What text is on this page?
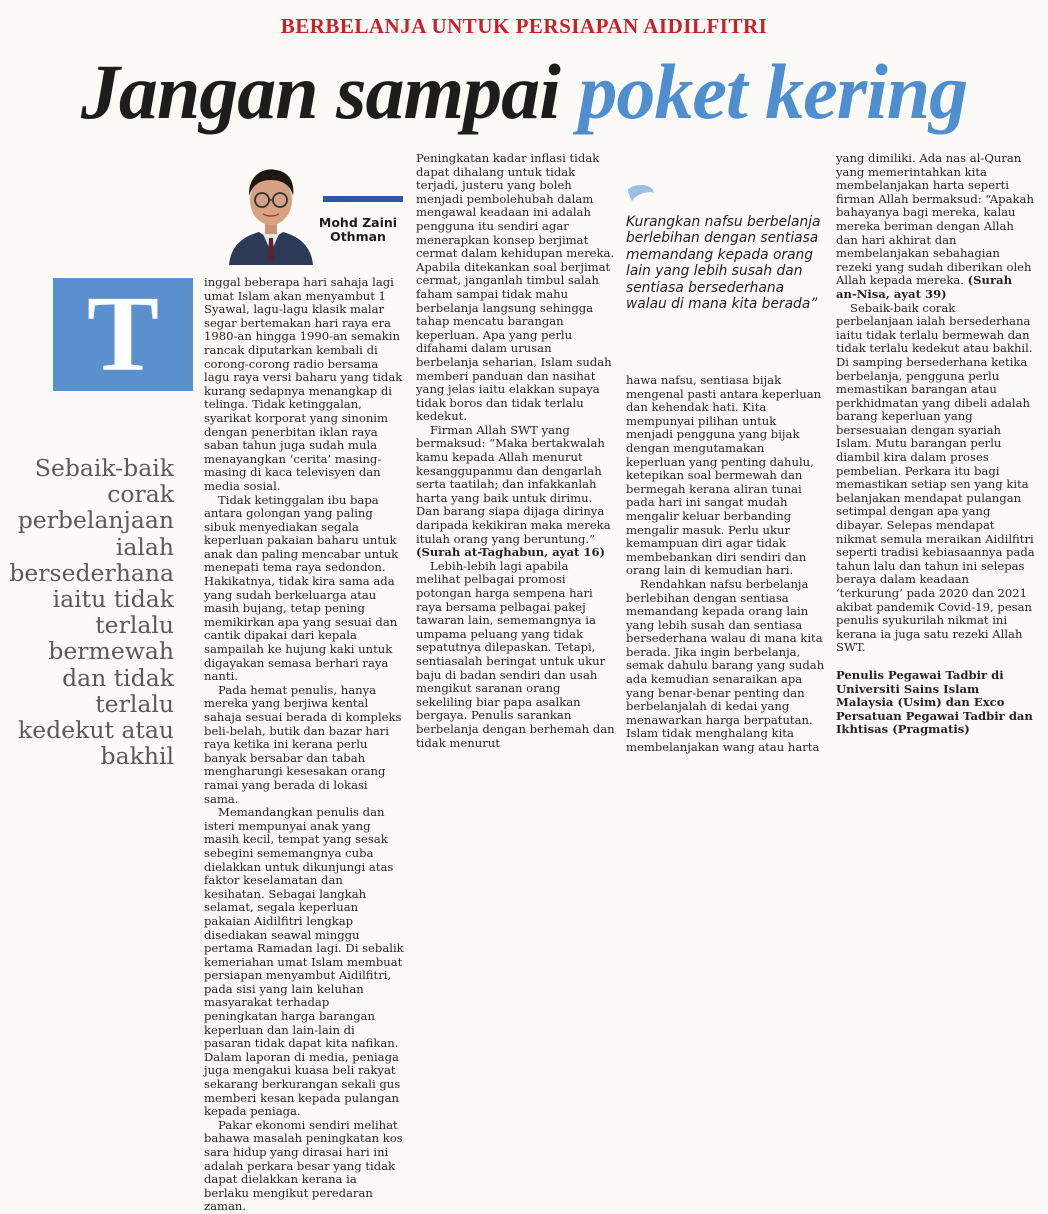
BERBELANJA UNTUK PERSIAPAN AIDILFITRI
Jangan sampai poket kering
Mohd Zaini
Othman
T
Sebaik-baik corak perbelanjaan ialah bersederhana iaitu tidak terlalu bermewah dan tidak terlalu kedekut atau bakhil

inggal beberapa hari sahaja lagi umat Islam akan menyambut 1 Syawal, lagu-lagu klasik malar segar bertemakan hari raya era 1980-an hingga 1990-an semakin rancak diputarkan kembali di corong-corong radio bersama lagu raya versi baharu yang tidak kurang sedapnya menangkap di telinga. Tidak ketinggalan, syarikat korporat yang sinonim dengan penerbitan iklan raya saban tahun juga sudah mula menayangkan ‘cerita’ masing-masing di kaca televisyen dan media sosial.

Tidak ketinggalan ibu bapa antara golongan yang paling sibuk menyediakan segala keperluan pakaian baharu untuk anak dan paling mencabar untuk menepati tema raya sedondon. Hakikatnya, tidak kira sama ada yang sudah berkeluarga atau masih bujang, tetap pening memikirkan apa yang sesuai dan cantik dipakai dari kepala sampailah ke hujung kaki untuk digayakan semasa berhari raya nanti.

Pada hemat penulis, hanya mereka yang berjiwa kental sahaja sesuai berada di kompleks beli-belah, butik dan bazar hari raya ketika ini kerana perlu banyak bersabar dan tabah mengharungi kesesakan orang ramai yang berada di lokasi sama.

Memandangkan penulis dan isteri mempunyai anak yang masih kecil, tempat yang sesak sebegini sememangnya cuba dielakkan untuk dikunjungi atas faktor keselamatan dan kesihatan. Sebagai langkah selamat, segala keperluan pakaian Aidilfitri lengkap disediakan seawal minggu pertama Ramadan lagi. Di sebalik kemeriahan umat Islam membuat persiapan menyambut Aidilfitri, pada sisi yang lain keluhan masyarakat terhadap peningkatan harga barangan keperluan dan lain-lain di pasaran tidak dapat kita nafikan. Dalam laporan di media, peniaga juga mengakui kuasa beli rakyat sekarang berkurangan sekali gus memberi kesan kepada pulangan kepada peniaga.

Pakar ekonomi sendiri melihat bahawa masalah peningkatan kos sara hidup yang dirasai hari ini adalah perkara besar yang tidak dapat dielakkan kerana ia berlaku mengikut peredaran zaman.

Peningkatan kadar inflasi tidak dapat dihalang untuk tidak terjadi, justeru yang boleh menjadi pembolehubah dalam mengawal keadaan ini adalah pengguna itu sendiri agar menerapkan konsep berjimat cermat dalam kehidupan mereka. Apabila ditekankan soal berjimat cermat, janganlah timbul salah faham sampai tidak mahu berbelanja langsung sehingga tahap mencatu barangan keperluan. Apa yang perlu difahami dalam urusan berbelanja seharian, Islam sudah memberi panduan dan nasihat yang jelas iaitu elakkan supaya tidak boros dan tidak terlalu kedekut.

Firman Allah SWT yang bermaksud: “Maka bertakwalah kamu kepada Allah menurut kesanggupanmu dan dengarlah serta taatilah; dan infakkanlah harta yang baik untuk dirimu. Dan barang siapa dijaga dirinya daripada kekikiran maka mereka itulah orang yang beruntung.”

(Surah at-Taghabun, ayat 16)

Lebih-lebih lagi apabila melihat pelbagai promosi potongan harga sempena hari raya bersama pelbagai pakej tawaran lain, sememangnya ia umpama peluang yang tidak sepatutnya dilepaskan. Tetapi, sentiasalah beringat untuk ukur baju di badan sendiri dan usah mengikut saranan orang sekeliling biar papa asalkan bergaya. Penulis sarankan berbelanja dengan berhemah dan tidak menurut

Kurangkan nafsu berbelanja berlebihan dengan sentiasa memandang kepada orang lain yang lebih susah dan sentiasa bersederhana walau di mana kita berada”

hawa nafsu, sentiasa bijak mengenal pasti antara keperluan dan kehendak hati. Kita mempunyai pilihan untuk menjadi pengguna yang bijak dengan mengutamakan keperluan yang penting dahulu, ketepikan soal bermewah dan bermegah kerana aliran tunai pada hari ini sangat mudah mengalir keluar berbanding mengalir masuk. Perlu ukur kemampuan diri agar tidak membebankan diri sendiri dan orang lain di kemudian hari.

Rendahkan nafsu berbelanja berlebihan dengan sentiasa memandang kepada orang lain yang lebih susah dan sentiasa bersederhana walau di mana kita berada. Jika ingin berbelanja, semak dahulu barang yang sudah ada kemudian senaraikan apa yang benar-benar penting dan berbelanjalah di kedai yang menawarkan harga berpatutan. Islam tidak menghalang kita membelanjakan wang atau harta

yang dimiliki. Ada nas al-Quran yang memerintahkan kita membelanjakan harta seperti firman Allah bermaksud: “Apakah bahayanya bagi mereka, kalau mereka beriman dengan Allah dan hari akhirat dan membelanjakan sebahagian rezeki yang sudah diberikan oleh Allah kepada mereka. (Surah an-Nisa, ayat 39)

Sebaik-baik corak perbelanjaan ialah bersederhana iaitu tidak terlalu bermewah dan tidak terlalu kedekut atau bakhil. Di samping bersederhana ketika berbelanja, pengguna perlu memastikan barangan atau perkhidmatan yang dibeli adalah barang keperluan yang bersesuaian dengan syariah Islam. Mutu barangan perlu diambil kira dalam proses pembelian. Perkara itu bagi memastikan setiap sen yang kita belanjakan mendapat pulangan setimpal dengan apa yang dibayar. Selepas mendapat nikmat semula meraikan Aidilfitri seperti tradisi kebiasaannya pada tahun lalu dan tahun ini selepas beraya dalam keadaan ‘terkurung’ pada 2020 dan 2021 akibat pandemik Covid-19, pesan penulis syukurilah nikmat ini kerana ia juga satu rezeki Allah SWT.

Penulis Pegawai Tadbir di Universiti Sains Islam Malaysia (Usim) dan Exco Persatuan Pegawai Tadbir dan Ikhtisas (Pragmatis)
